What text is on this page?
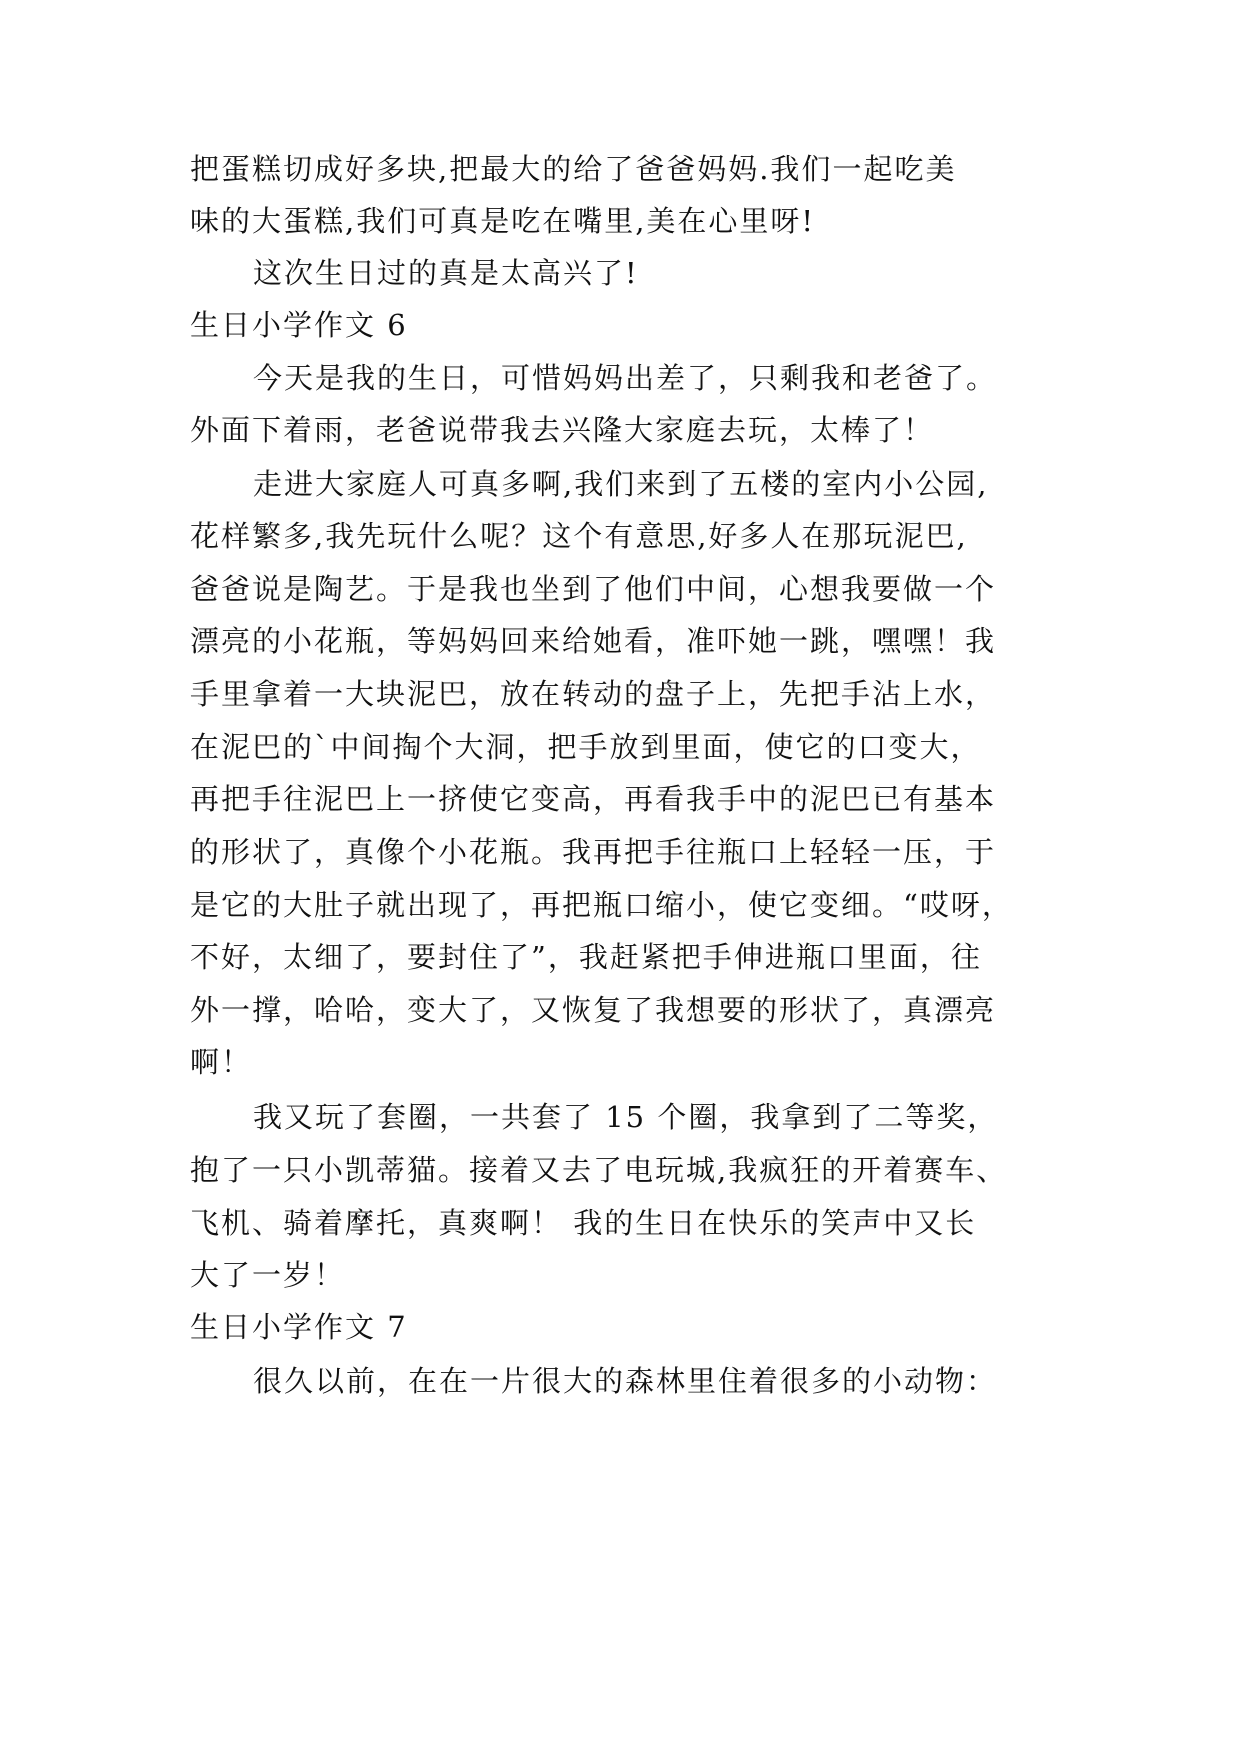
把蛋糕切成好多块,把最大的给了爸爸妈妈.我们一起吃美
味的大蛋糕,我们可真是吃在嘴里,美在心里呀!
这次生日过的真是太高兴了!
生日小学作文 6
今天是我的生日，可惜妈妈出差了，只剩我和老爸了。
外面下着雨，老爸说带我去兴隆大家庭去玩，太棒了！
走进大家庭人可真多啊,我们来到了五楼的室内小公园,
花样繁多,我先玩什么呢？这个有意思,好多人在那玩泥巴,
爸爸说是陶艺。于是我也坐到了他们中间，心想我要做一个
漂亮的小花瓶，等妈妈回来给她看，准吓她一跳，嘿嘿！我
手里拿着一大块泥巴，放在转动的盘子上，先把手沾上水，
在泥巴的`中间掏个大洞，把手放到里面，使它的口变大，
再把手往泥巴上一挤使它变高，再看我手中的泥巴已有基本
的形状了，真像个小花瓶。我再把手往瓶口上轻轻一压，于
是它的大肚子就出现了，再把瓶口缩小，使它变细。“哎呀，
不好，太细了，要封住了”，我赶紧把手伸进瓶口里面，往
外一撑，哈哈，变大了，又恢复了我想要的形状了，真漂亮
啊！
我又玩了套圈，一共套了 15 个圈，我拿到了二等奖，
抱了一只小凯蒂猫。接着又去了电玩城,我疯狂的开着赛车、
飞机、骑着摩托，真爽啊！ 我的生日在快乐的笑声中又长
大了一岁！
生日小学作文 7
很久以前，在在一片很大的森林里住着很多的小动物：
